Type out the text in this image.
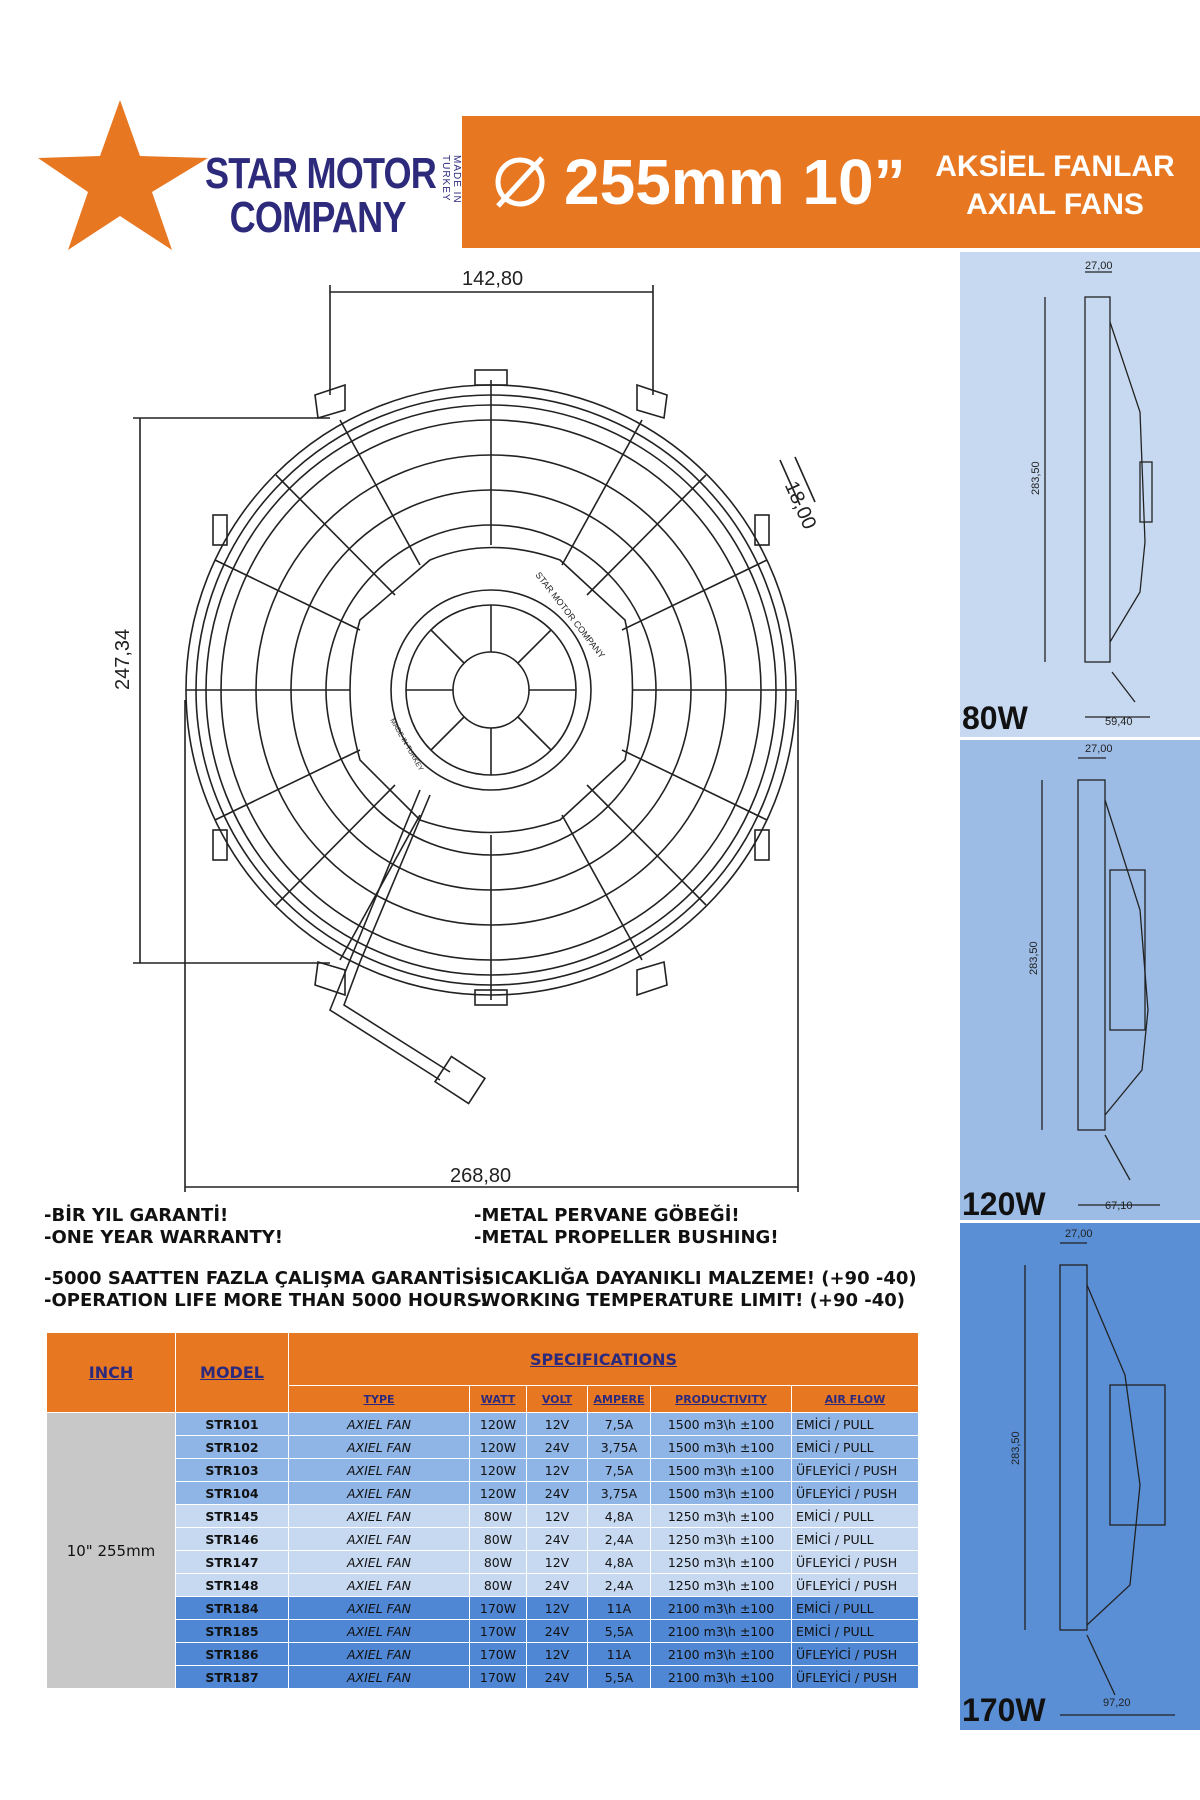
STAR MOTOR
COMPANY
MADE IN TURKEY 255mm 10” AKSİEL FANLAR
AXIAL FANS
STAR MOTOR COMPANY
MADE IN TURKEY
142,80
247,34
268,80
18,00
27,00
283,50
59,40
80W
27,00
283,50
67,10
120W
27,00
283,50
97,20
170W
-BİR YIL GARANTİ!
-ONE YEAR WARRANTY!
-METAL PERVANE GÖBEĞİ!
-METAL PROPELLER BUSHING!
-5000 SAATTEN FAZLA ÇALIŞMA GARANTİSİ!
-OPERATION LIFE MORE THAN 5000 HOURS!
-SICAKLIĞA DAYANIKLI MALZEME! (+90 -40)
-WORKING TEMPERATURE LIMIT! (+90 -40)
INCH	MODEL	SPECIFICATIONS					
		TYPE	WATT	VOLT	AMPERE	PRODUCTIVITY	AIR FLOW
10" 255mm	STR101	AXIEL FAN	120W	12V	7,5A	1500 m3\h ±100	EMİCİ / PULL
	STR102	AXIEL FAN	120W	24V	3,75A	1500 m3\h ±100	EMİCİ / PULL
	STR103	AXIEL FAN	120W	12V	7,5A	1500 m3\h ±100	ÜFLEYİCİ / PUSH
	STR104	AXIEL FAN	120W	24V	3,75A	1500 m3\h ±100	ÜFLEYİCİ / PUSH
	STR145	AXIEL FAN	80W	12V	4,8A	1250 m3\h ±100	EMİCİ / PULL
	STR146	AXIEL FAN	80W	24V	2,4A	1250 m3\h ±100	EMİCİ / PULL
	STR147	AXIEL FAN	80W	12V	4,8A	1250 m3\h ±100	ÜFLEYİCİ / PUSH
	STR148	AXIEL FAN	80W	24V	2,4A	1250 m3\h ±100	ÜFLEYİCİ / PUSH
	STR184	AXIEL FAN	170W	12V	11A	2100 m3\h ±100	EMİCİ / PULL
	STR185	AXIEL FAN	170W	24V	5,5A	2100 m3\h ±100	EMİCİ / PULL
	STR186	AXIEL FAN	170W	12V	11A	2100 m3\h ±100	ÜFLEYİCİ / PUSH
	STR187	AXIEL FAN	170W	24V	5,5A	2100 m3\h ±100	ÜFLEYİCİ / PUSH
